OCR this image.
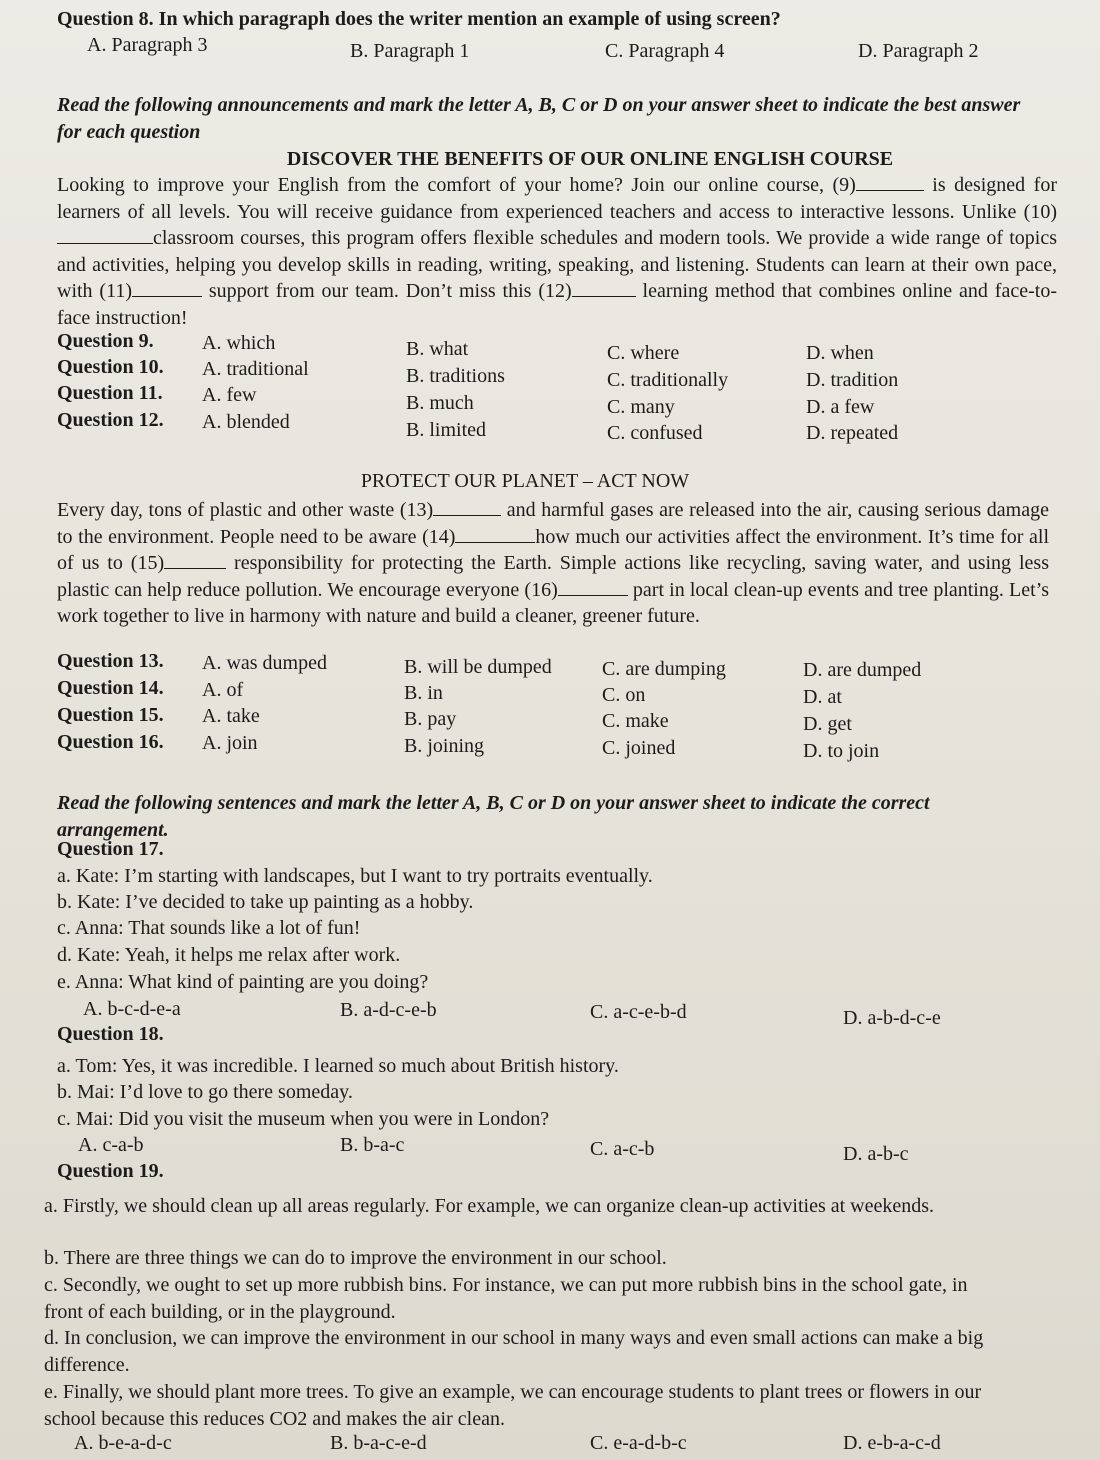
Question 8. In which paragraph does the writer mention an example of using screen?
A. Paragraph 3	B. Paragraph 1	C. Paragraph 4	D. Paragraph 2
Read the following announcements and mark the letter A, B, C or D on your answer sheet to indicate the best answer for each question
DISCOVER THE BENEFITS OF OUR ONLINE ENGLISH COURSE
Looking to improve your English from the comfort of your home? Join our online course, (9)	is designed for learners of all levels. You will receive guidance from experienced teachers and access to interactive lessons. Unlike (10)classroom courses, this program offers flexible schedules and modern tools. We provide a wide range of topics and activities, helping you develop skills in reading, writing, speaking, and listening. Students can learn at their own pace, with (11)	support from our team. Don’t miss this (12)	learning method that combines online and face-to-face instruction!
Question 9. A. which	B. what	C. where	D. when
Question 10. A. traditional	B. traditions	C. traditionally	D. tradition
Question 11. A. few	B. much	C. many	D. a few
Question 12. A. blended	B. limited	C. confused	D. repeated
PROTECT OUR PLANET – ACT NOW
Every day, tons of plastic and other waste (13)	and harmful gases are released into the air, causing serious damage to the environment. People need to be aware (14)	how much our activities affect the environment. It’s time for all of us to (15)	responsibility for protecting the Earth. Simple actions like recycling, saving water, and using less plastic can help reduce pollution. We encourage everyone (16)	part in local clean-up events and tree planting. Let’s work together to live in harmony with nature and build a cleaner, greener future.
Question 13. A. was dumped	B. will be dumped	C. are dumping	D. are dumped
Question 14. A. of	B. in	C. on	D. at
Question 15. A. take	B. pay	C. make	D. get
Question 16. A. join	B. joining	C. joined	D. to join
Read the following sentences and mark the letter A, B, C or D on your answer sheet to indicate the correct arrangement.
Question 17.
a. Kate: I’m starting with landscapes, but I want to try portraits eventually.
b. Kate: I’ve decided to take up painting as a hobby.
c. Anna: That sounds like a lot of fun!
d. Kate: Yeah, it helps me relax after work.
e. Anna: What kind of painting are you doing?
A. b-c-d-e-a	B. a-d-c-e-b	C. a-c-e-b-d	D. a-b-d-c-e
Question 18.
a. Tom: Yes, it was incredible. I learned so much about British history.
b. Mai: I’d love to go there someday.
c. Mai: Did you visit the museum when you were in London?
A. c-a-b	B. b-a-c	C. a-c-b	D. a-b-c
Question 19.
a. Firstly, we should clean up all areas regularly. For example, we can organize clean-up activities at weekends.
b. There are three things we can do to improve the environment in our school.
c. Secondly, we ought to set up more rubbish bins. For instance, we can put more rubbish bins in the school gate, in front of each building, or in the playground.
d. In conclusion, we can improve the environment in our school in many ways and even small actions can make a big difference.
e. Finally, we should plant more trees. To give an example, we can encourage students to plant trees or flowers in our school because this reduces CO2 and makes the air clean.
A. b-e-a-d-c	B. b-a-c-e-d	C. e-a-d-b-c	D. e-b-a-c-d
